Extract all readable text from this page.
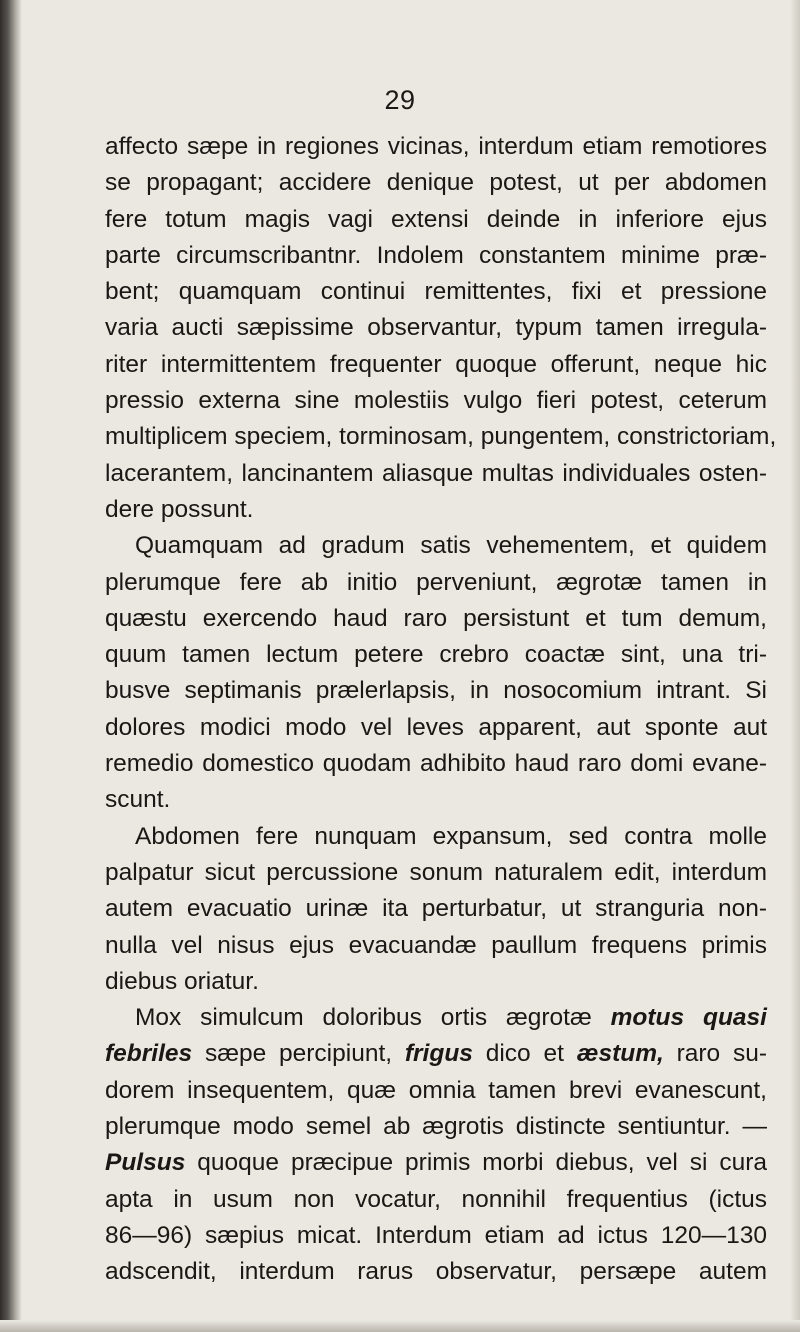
29
affecto sæpe in regiones vicinas, interdum etiam remotiores
se propagant; accidere denique potest, ut per abdomen
fere totum magis vagi extensi deinde in inferiore ejus
parte circumscribantnr. Indolem constantem minime præ-
bent; quamquam continui remittentes, fixi et pressione
varia aucti sæpissime observantur, typum tamen irregula-
riter intermittentem frequenter quoque offerunt, neque hic
pressio externa sine molestiis vulgo fieri potest, ceterum
multiplicem speciem, torminosam, pungentem, constrictoriam,
lacerantem, lancinantem aliasque multas individuales osten-
dere possunt.
Quamquam ad gradum satis vehementem, et quidem
plerumque fere ab initio perveniunt, ægrotæ tamen in
quæstu exercendo haud raro persistunt et tum demum,
quum tamen lectum petere crebro coactæ sint, una tri-
busve septimanis prælerlapsis, in nosocomium intrant. Si
dolores modici modo vel leves apparent, aut sponte aut
remedio domestico quodam adhibito haud raro domi evane-
scunt.
Abdomen fere nunquam expansum, sed contra molle
palpatur sicut percussione sonum naturalem edit, interdum
autem evacuatio urinæ ita perturbatur, ut stranguria non-
nulla vel nisus ejus evacuandæ paullum frequens primis
diebus oriatur.
Mox simulcum doloribus ortis ægrotæ motus quasi
febriles sæpe percipiunt, frigus dico et æstum, raro su-
dorem insequentem, quæ omnia tamen brevi evanescunt,
plerumque modo semel ab ægrotis distincte sentiuntur. —
Pulsus quoque præcipue primis morbi diebus, vel si cura
apta in usum non vocatur, nonnihil frequentius (ictus
86—96) sæpius micat. Interdum etiam ad ictus 120—130
adscendit, interdum rarus observatur, persæpe autem
